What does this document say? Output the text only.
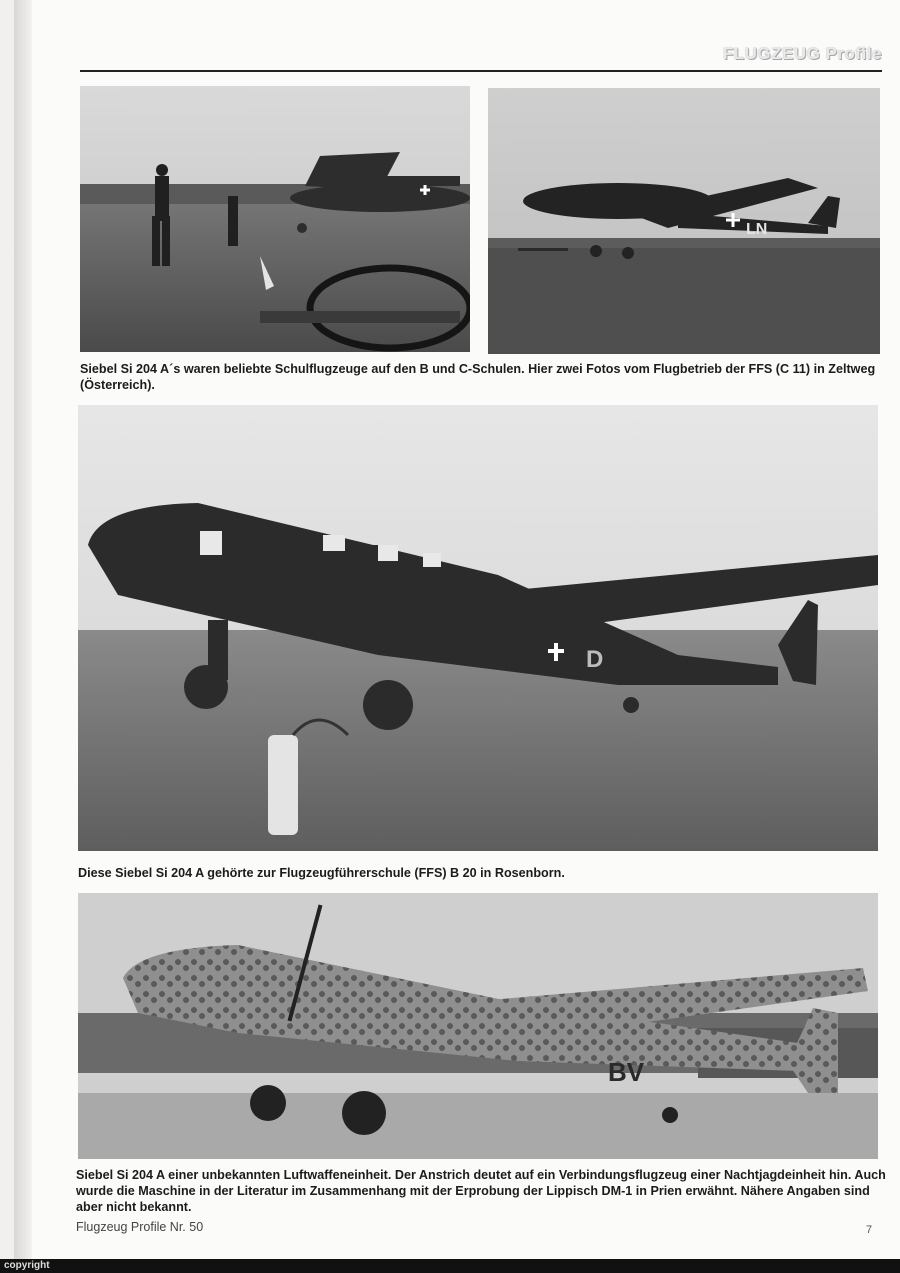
FLUGZEUG Profile
LN
Siebel Si 204 A´s waren beliebte Schulflugzeuge auf den B und C-Schulen. Hier zwei Fotos vom Flugbetrieb der FFS (C 11) in Zeltweg (Österreich).
D
Diese Siebel Si 204 A gehörte zur Flugzeugführerschule (FFS) B 20 in Rosenborn.
BV
Siebel Si 204 A einer unbekannten Luftwaffeneinheit. Der Anstrich deutet auf ein Verbindungsflugzeug einer Nachtjagdeinheit hin. Auch wurde die Maschine in der Literatur im Zusammenhang mit der Erprobung der Lippisch DM-1 in Prien erwähnt. Nähere Angaben sind aber nicht bekannt.
Flugzeug Profile Nr. 50	7
copyright
